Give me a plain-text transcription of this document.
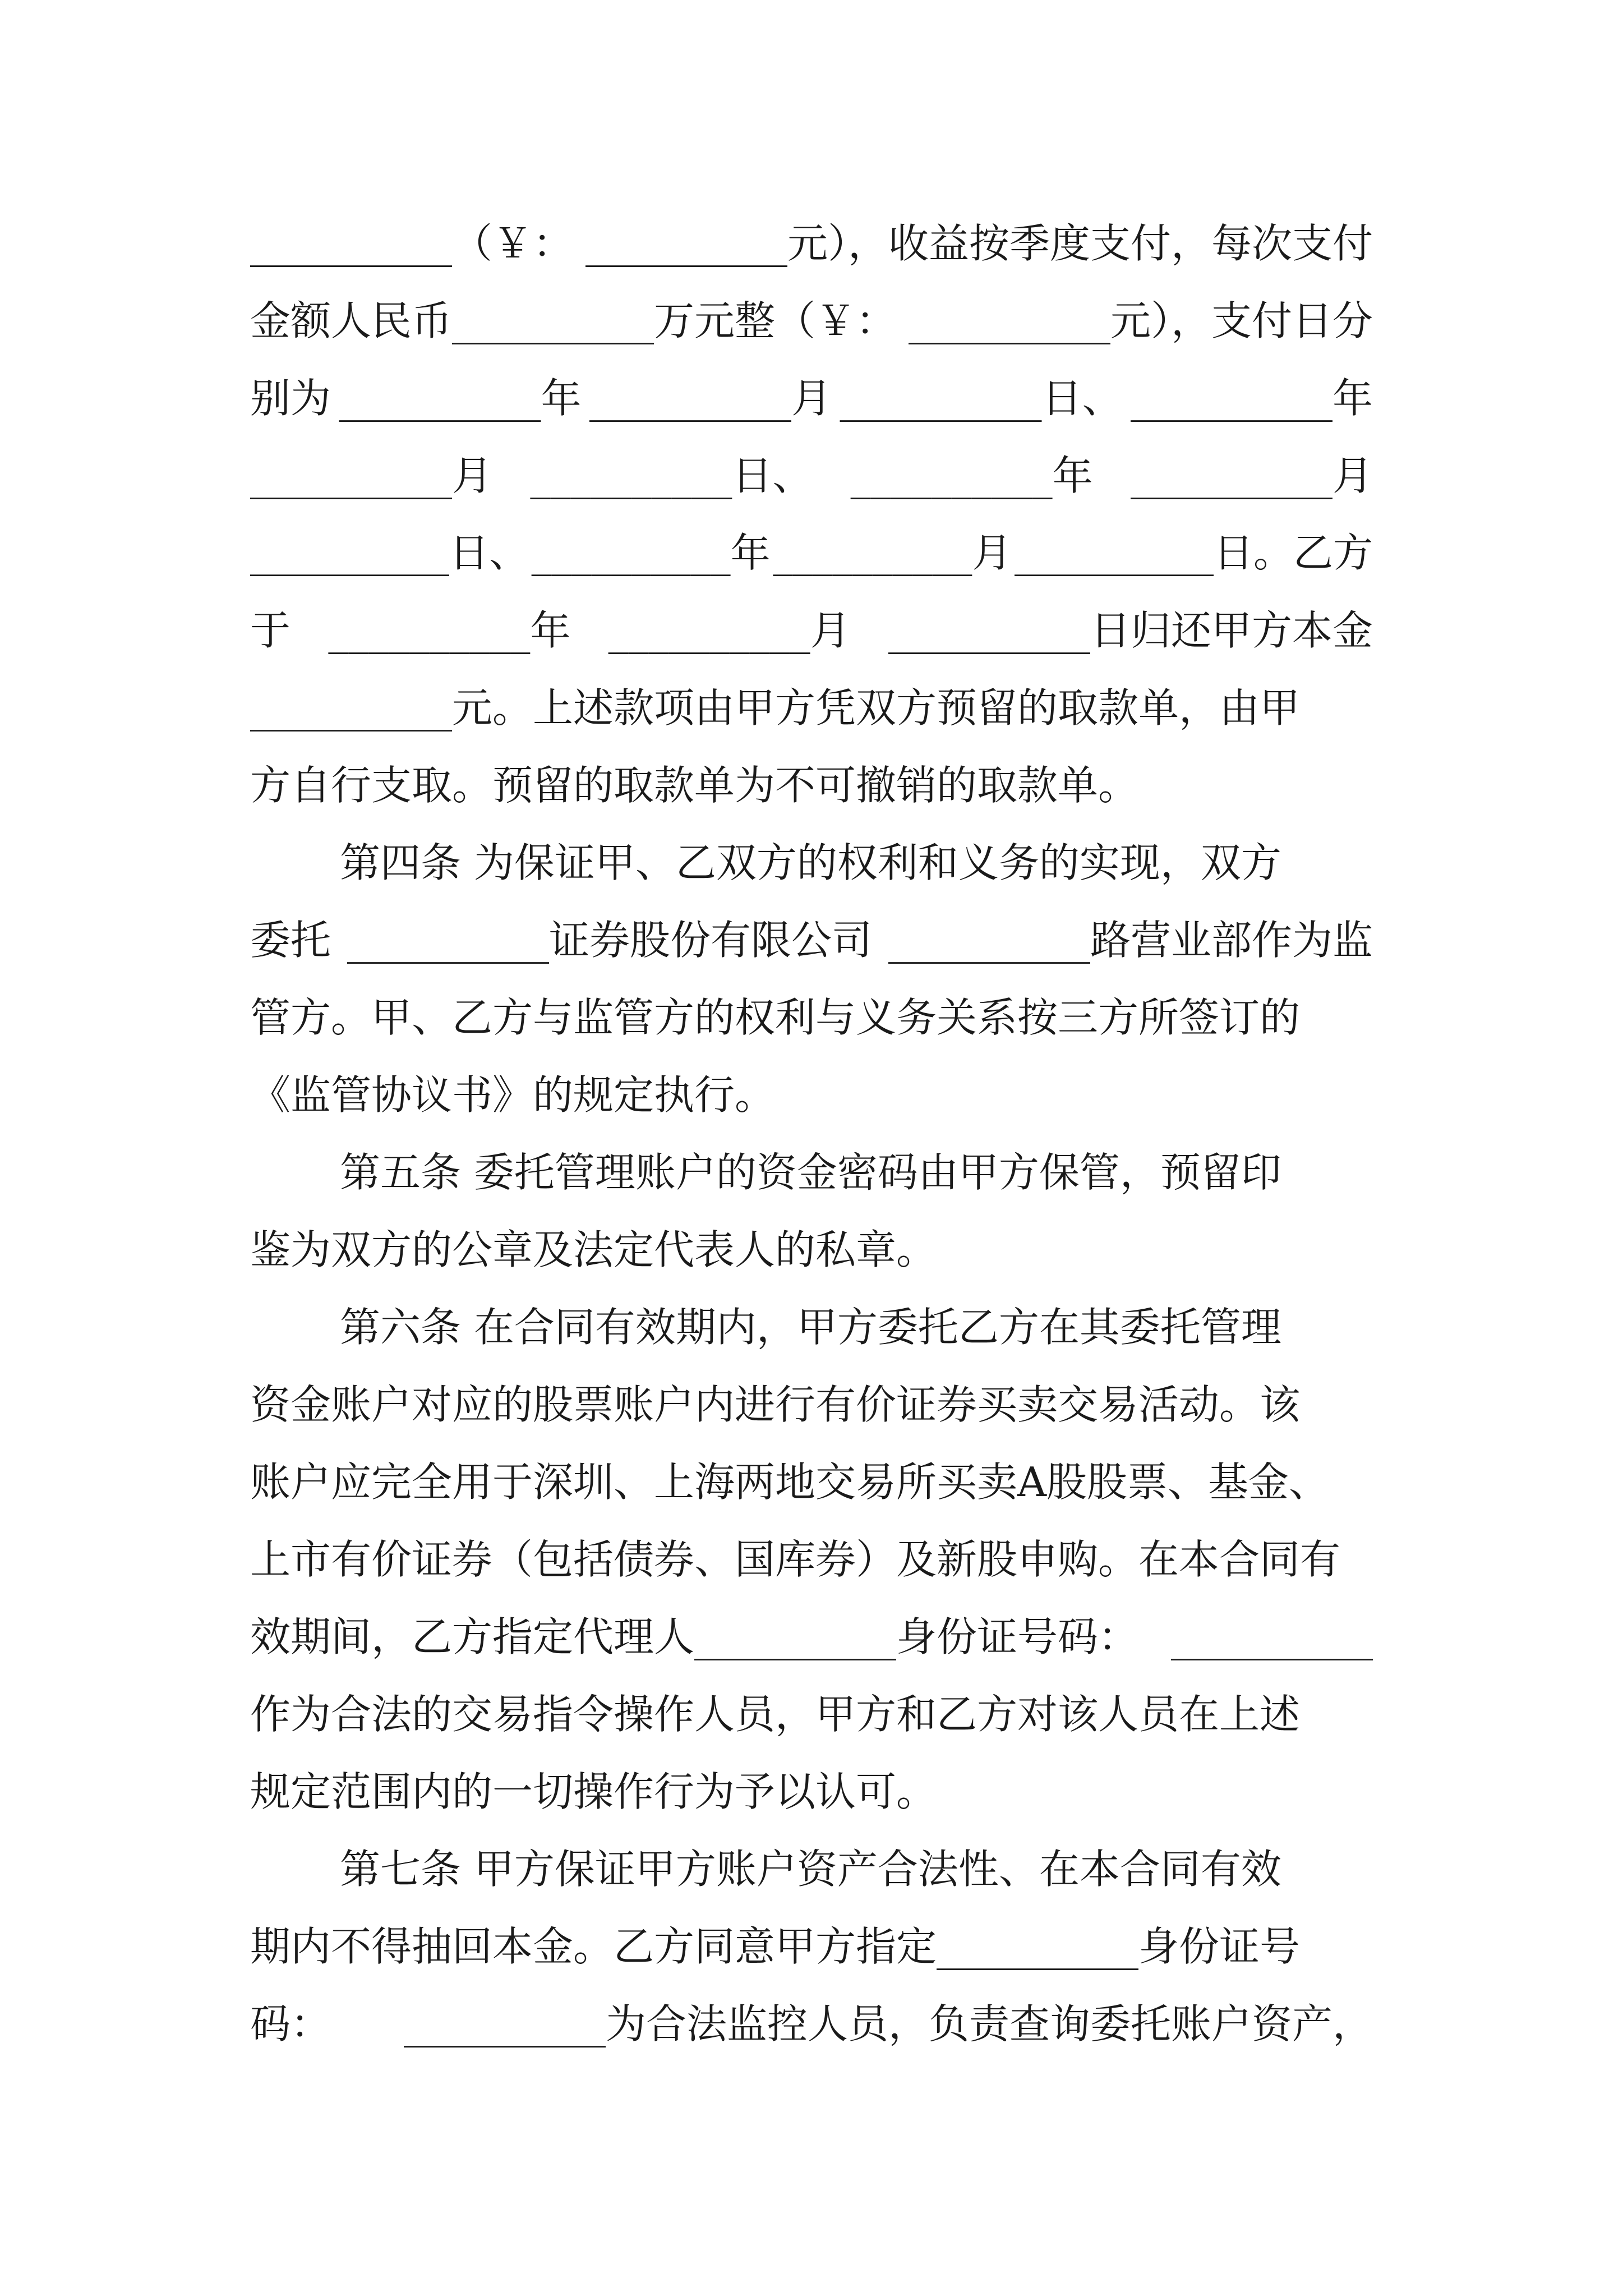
__________（￥： __________元），收益按季度支付，每次支付
金额人民币__________万元整（￥： __________元），支付日分
别为 __________年 __________月 __________日、 __________年
__________月 __________日、 __________年 __________月
__________日、 __________年 __________月 __________日。乙方
于 __________年 __________月 __________日归还甲方本金
__________元。上述款项由甲方凭双方预留的取款单，由甲
方自行支取。预留的取款单为不可撤销的取款单。
第四条 为保证甲、乙双方的权利和义务的实现，双方
委托 __________证券股份有限公司 __________路营业部作为监
管方。甲、乙方与监管方的权利与义务关系按三方所签订的
《监管协议书》的规定执行。
第五条 委托管理账户的资金密码由甲方保管，预留印
鉴为双方的公章及法定代表人的私章。
第六条 在合同有效期内，甲方委托乙方在其委托管理
资金账户对应的股票账户内进行有价证券买卖交易活动。该
账户应完全用于深圳、上海两地交易所买卖A股股票、基金、
上市有价证券（包括债券、国库券）及新股申购。在本合同有
效期间，乙方指定代理人__________身份证号码： __________
作为合法的交易指令操作人员，甲方和乙方对该人员在上述
规定范围内的一切操作行为予以认可。
第七条 甲方保证甲方账户资产合法性、在本合同有效
期内不得抽回本金。乙方同意甲方指定__________身份证号
码： __________为合法监控人员，负责查询委托账户资产，
